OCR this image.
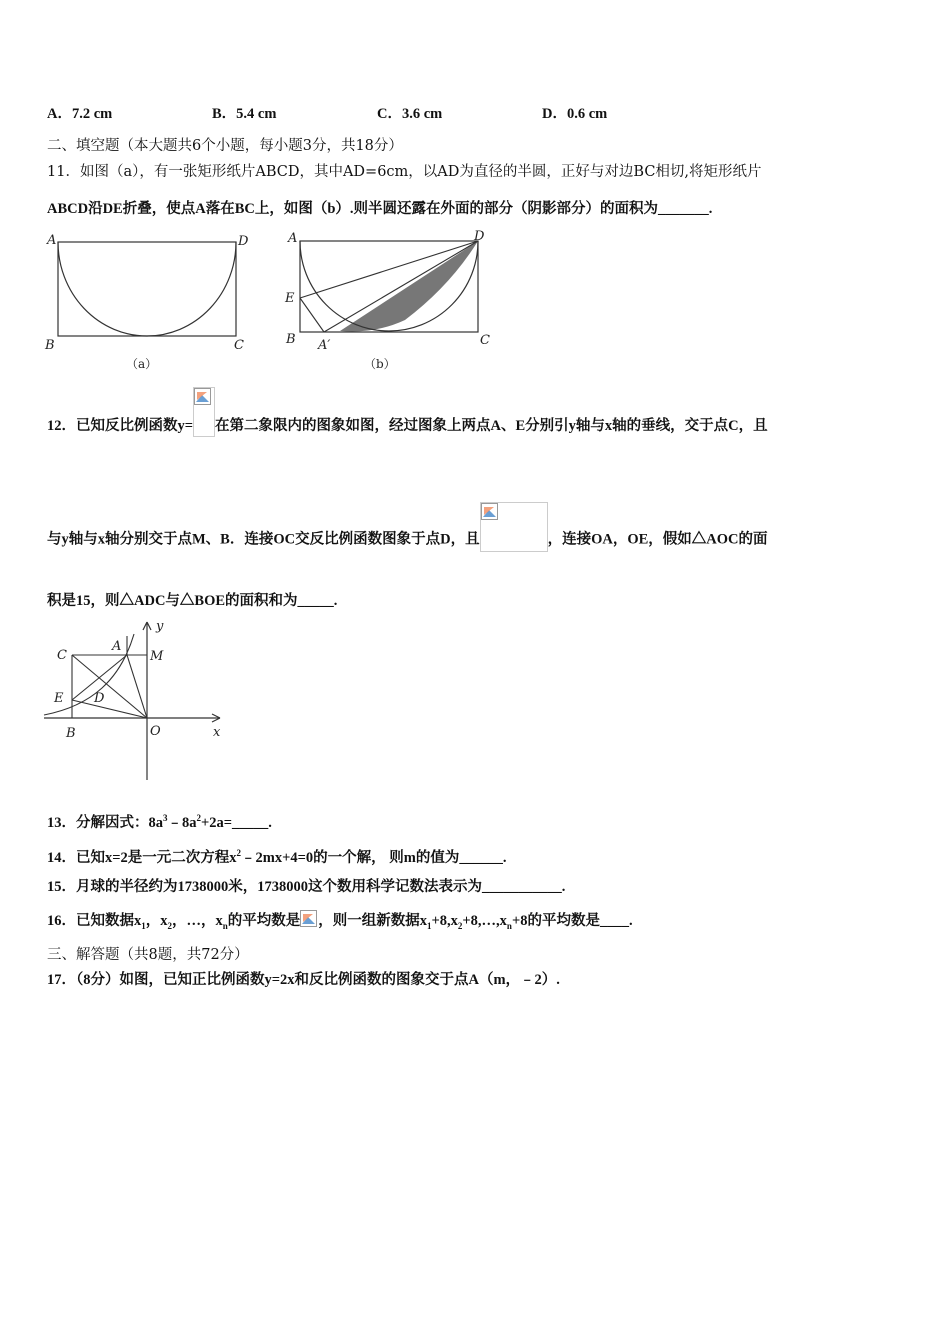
A．7.2 cm	B．5.4 cm	C．3.6 cm	D．0.6 cm
二、填空题（本大题共6个小题，每小题3分，共18分）
11．如图（a），有一张矩形纸片ABCD，其中AD=6cm，以AD为直径的半圆，正好与对边BC相切,将矩形纸片
ABCD沿DE折叠，使点A落在BC上，如图（b）.则半圆还露在外面的部分（阴影部分）的面积为_______.
A	D
B	C
（a）
A	D
E
B A′	C
（b）
12．已知反比例函数y= 在第二象限内的图象如图，经过图象上两点A、E分别引y轴与x轴的垂线，交于点C，且
与y轴与x轴分别交于点M、B．连接OC交反比例函数图象于点D，且	，连接OA，OE，假如△AOC的面
积是15，则△ADC与△BOE的面积和为_____.
C
A
y
M
E D
B	O	x
13．分解因式：$8a^3﹣8a^2+2a=\_\_\_\_\_$.
14．已知x=2是一元二次方程$x^2﹣2mx+4=0$的一个解， 则m的值为______.
15．月球的半径约为1738000米，1738000这个数用科学记数法表示为___________.
16．已知数据$x_1$，$x_2$，…，$x_n$的平均数是 ，则一组新数据$x_1+8,x_2+8,\dots,x_n+8$的平均数是____.
三、解答题（共8题，共72分）
17．（8分）如图，已知正比例函数y=2x和反比例函数的图象交于点A（m，﹣2）.
